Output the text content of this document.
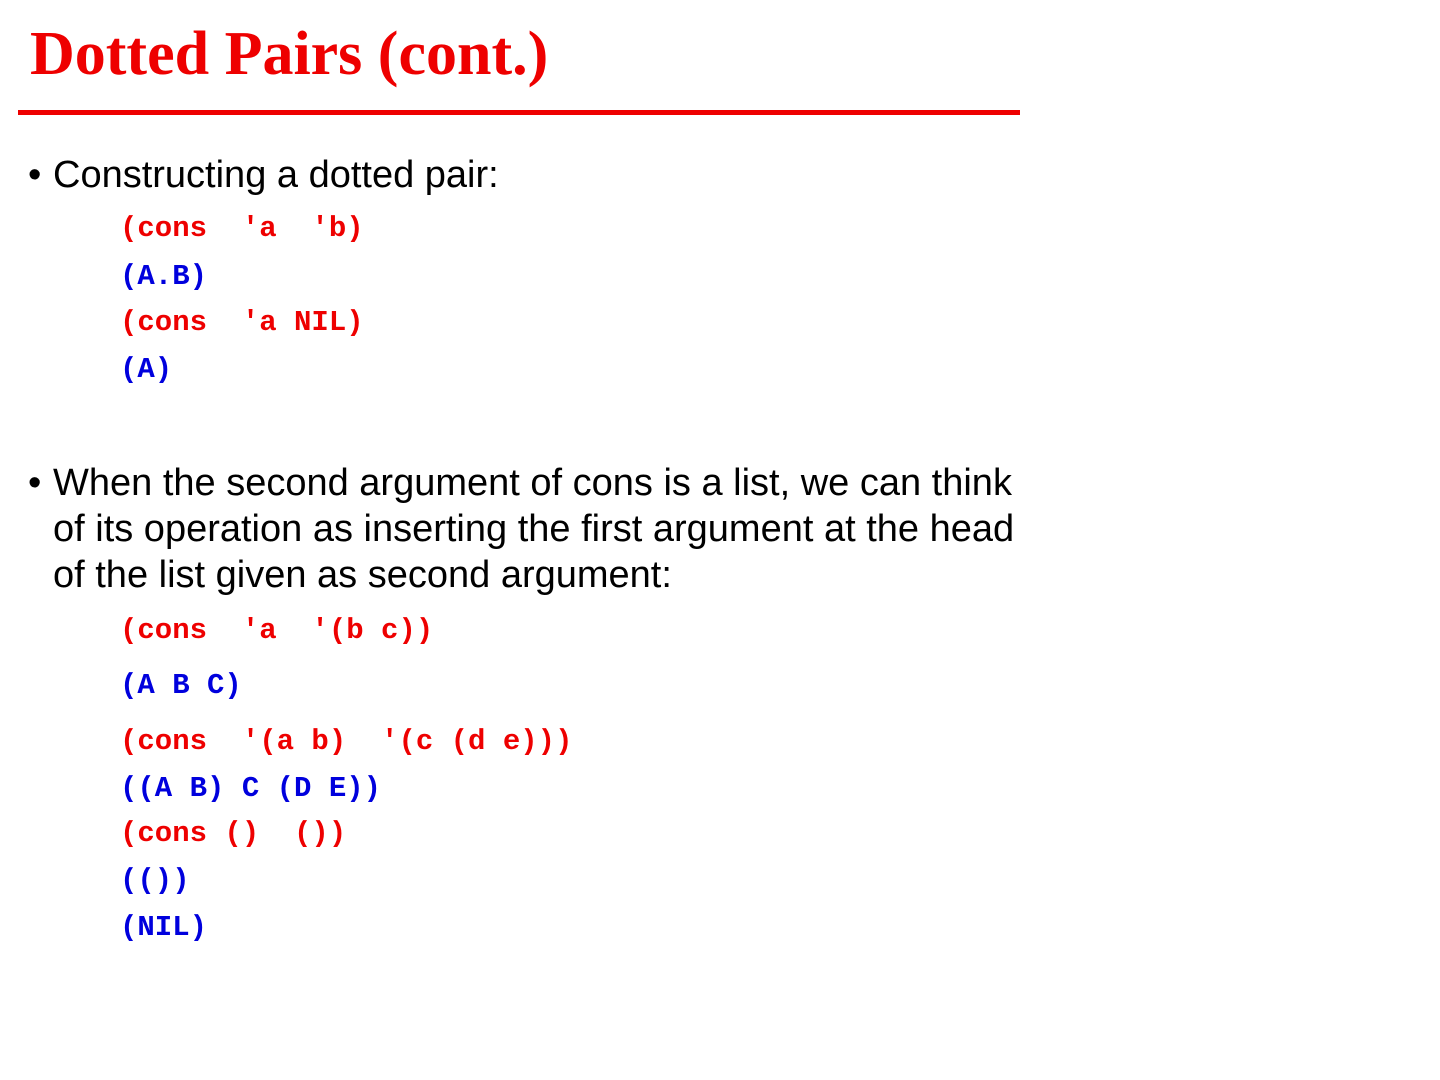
Dotted Pairs (cont.)
• Constructing a dotted pair:
(cons  'a  'b)
(A.B)
(cons  'a NIL)
(A)
• When the second argument of cons is a list, we can think of its operation as inserting the first argument at the head of the list given as second argument:
(cons  'a  '(b c))
(A B C)
(cons  '(a b)  '(c (d e)))
((A B) C (D E))
(cons ()  ())
(())
(NIL)
